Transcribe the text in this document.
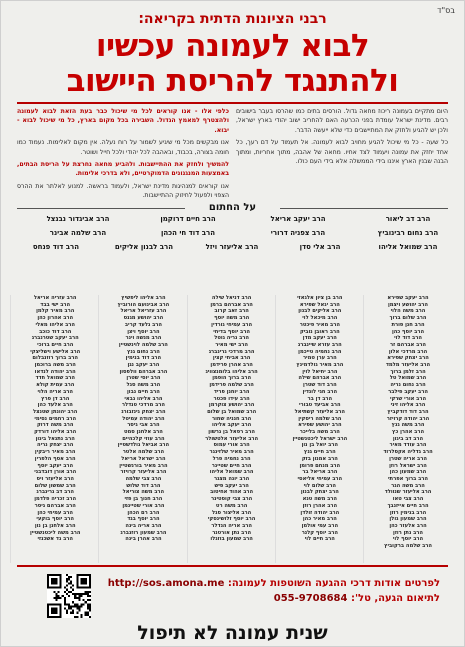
בס"ד
רבני הציונות הדתית בקריאה:
לבוא לעמונה עכשיו
ולהתנגד להריסת היישוב

היום מתקיים בעמונה ריכוז מחאה גדול. הורסים בתים כמו שהרסו בעבר בישובים רבים. מדינת ישראל עומדת בפני הכרעה האם להחריב ישוב יהודי בארץ ישראל, ולכן יש להגיע ולחזק את המתיישבים כדי שלא ייעשה הדבר.

כל שעה - כל מי שיכול להגיע מחויב לבוא לעמונה. אל תעמוד על דם רעך, כל אחד יחזק את עמונה ויעמוד לצד אחיו. מחאה של אהבה, מתוך אחריות, ומתוך הבנה שבנין הארץ איננו בידי הממשלה אלא בידי העם כולו.

כלפי אלו - אנו קוראים לכל מי שיכול כבר בעת הזאת לבוא לעמונה ולהצטרף למאמץ הגדול. השבירה בכל מקום בארץ, כל מי שיכול לבוא - יבוא.

אנו מבקשים מכל מי שיגיע לשמור על רוח נעלה. אין מקום לאלימות. נעמוד כמו חומה בצורה, בכבוד, ובאהבה לכל יהודי ולכל חייל ושוטר.

להמשיך ולחזק את ההתיישבות. ולהביע מחאה נחרצת על הריסת הבתים, באמצעות המנגנונים הדמוקרטיים, ולא בדרכי אלימות.

אנו קוראים למנהיגות מדינת ישראל, ולעמוד בראשה. למנוע לאלתר את ההרס הצפוי ולפעול לחיזוק ההתיישבות.

על החתום
הרב דב ליאור
הרב יעקב אריאל
הרב חיים דרוקמן
הרב אביגדור נבנצל
הרב נחום רבינוביץ
הרב צפניה דרורי
הרב דוד חי הכהן
הרב שלמה אבינר
הרב שמואל אליהו
הרב אלי סדן
הרב אליעזר ויזל
הרב לבנון אליקים
הרב דוד פנחס
הרב יעקב שפירא
הרב יהושע ויצמן
הרב משה הלוי
הרב שלום ברוך
הרב חנן פורת
הרב יוסף כהן
הרב דוד לוי
הרב אברהם זר
הרב מרדכי אלון
הרב יצחק שפירא
הרב אליעזר מלמד
הרב זלמן ברוך
הרב שמואל טל
הרב נחום נריה
הרב יעקב פילבר
הרב אורי שרקי
הרב אליהו זיני
הרב דוד דודקביץ
הרב יהודה קרויזר
הרב משה גנץ
הרב אהרן כץ
הרב דב ביגון
הרב עודד מאיר
הרב גדליה אקסלרוד
הרב אריה שטרן
הרב ישראל רוזן
הרב שמעון כהן
הרב ברוך אפרתי
הרב משה הגר
הרב אליעזר שנוולד
הרב צבי טאו
הרב חיים אייזנבך
הרב בנימין רוזן
הרב שמעון גולן
הרב אלעזר כהן
הרב נתן רוזן
הרב יוסף לוי
הרב שלמה ברקוביץ
הרב בן ציון אלגאזי
הרב יגאל שפירא
הרב אליקים לבנון
הרב מיכאל לוי
הרב מאיר פיכטר
הרב ראובן נוביק
הרב יעקב מדן
הרב עזרא שיינברג
הרב נחמיה טייכמן
הרב ערן טמיר
הרב מאיר גולדמינץ
הרב יחיאל לוין
הרב אברהם שילה
הרב דוד שטרן
הרב חגי לונדין
הרב דן בר
הרב אביעד טבורי
הרב אליעזר קשתיאל
הרב שלמה ריסקין
הרב יהושע שפירא
הרב משה בלייכר
הרב ישראל ליכטנשטיין
הרב יואל בן נון
הרב חיים גנץ
הרב אמנון בזק
הרב מנחם פרומן
הרב אריאל בר
הרב עמיחי אליאסי
הרב שלום לוי
הרב יצחק לבנון
הרב משה טנא
הרב אהרן רוזן
הרב יהודה זולדן
הרב מאיר כהן
הרב עמי אולמן
הרב יוסף קלנר
הרב חיים לוי
הרב דניאל שילה
הרב אברהם ברמן
הרב זאב קרוב
הרב משה יוסף
הרב עמיחי גורדין
הרב יוסף בדיחי
הרב נריה גוטל
הרב ישי מאיר
הרב מרדכי גרינברג
הרב אביחי קצין
הרב אהרן פרידמן
הרב אליהו בלומנצוויג
הרב ברוך הופמן
הרב שלמה פרידמן
הרב יוחנן פריד
הרב עידו פכטר
הרב יהושע צוקרמן
הרב שמואל בן שלום
הרב חנניה שחור
הרב יעקב אליהו
הרב רפאל בן גרשון
הרב אליעזר אלטשולר
הרב אורי עמוס
הרב מאיר שלזינגר
הרב נחמיה פרל
הרב חיים שטיינר
הרב שמואל אליהו
הרב יונה מצגר
הרב יעקב פיש
הרב אהוד אחיטוב
הרב צבי קוסטינר
הרב משה רט
הרב אליצור סגל
הרב יוסף זלושינסקי
הרב אריה הנדלר
הרב נתן אורטנר
הרב שמעון בוזגלו
הרב אליהו ליפשיץ
הרב אבינועם הורוביץ
הרב עזריאל אריאל
הרב יהושע מגנס
הרב גלעד קריב
הרב יוסף ויצן
הרב מנשה וינר
הרב שלמה לוינשטיין
הרב נחום גנץ
הרב דוד בנימין
הרב יעקב נגן
הרב אברהם וולפסון
הרב יוסי שטרן
הרב משה סגל
הרב חיים נבון
הרב אליהו גבאי
הרב מרדכי טנדלר
הרב יצחק גינזבורג
הרב יהודה עמיטל
הרב אבי גיסר
הרב אלחנן סמט
הרב עוזי קלכהיים
הרב אביאל גולדשטיין
הרב שלמה אלטר
הרב ישראל אריאל
הרב מאיר בורנשטיין
הרב אליעזר קרויזר
הרב צבי שלמה
הרב דוד שלוש
הרב משה צוריאל
הרב חנוך בן פזי
הרב אורי שטיינמן
הרב רם הכהן
הרב יוסף בגד
הרב אריה בינה
הרב שמעון רוזנברג
הרב אהרן בינה
הרב עזריה אריאל
הרב ישי בבד
הרב מאיר קלמן
הרב אהרון כהן
הרב אליהו מאלי
הרב דוד כוכב
הרב יעקב שטרנברג
הרב חיים ברוכי
הרב אלישע וישליצקי
הרב ברוך רוזנבלום
הרב משה ברוכמן
הרב יהודה לנדאו
הרב שמואל חדד
הרב עמית קולא
הרב אריה הלוי
הרב דן פרץ
הרב אלעד כהן
הרב יהונתן שטנצל
הרב רחמים נסימי
הרב משה דרוק
הרב אליהו דורדק
הרב נתנאל ביגון
הרב יצחק נריה
הרב מאיר ריבקין
הרב אסף הלפרין
הרב יעקב יוסף
הרב אורן דובדבני
הרב אליעזר ויס
הרב שמשון שלום
הרב דב גרינברג
הרב זכריה פלדמן
הרב אברהם גיסר
הרב עמיחי כהן
הרב יוסף בוקעי
הרב אלחנן בן נון
הרב משה ליכטנשטיין
הרב גד אשכנזי
לפרטים אודות דרכי ההגעה השוטפות לעמונה: http://sos.amona.me
לתיאום הגעה, טל': 055-9708684
שנית עמונה לא תיפול
